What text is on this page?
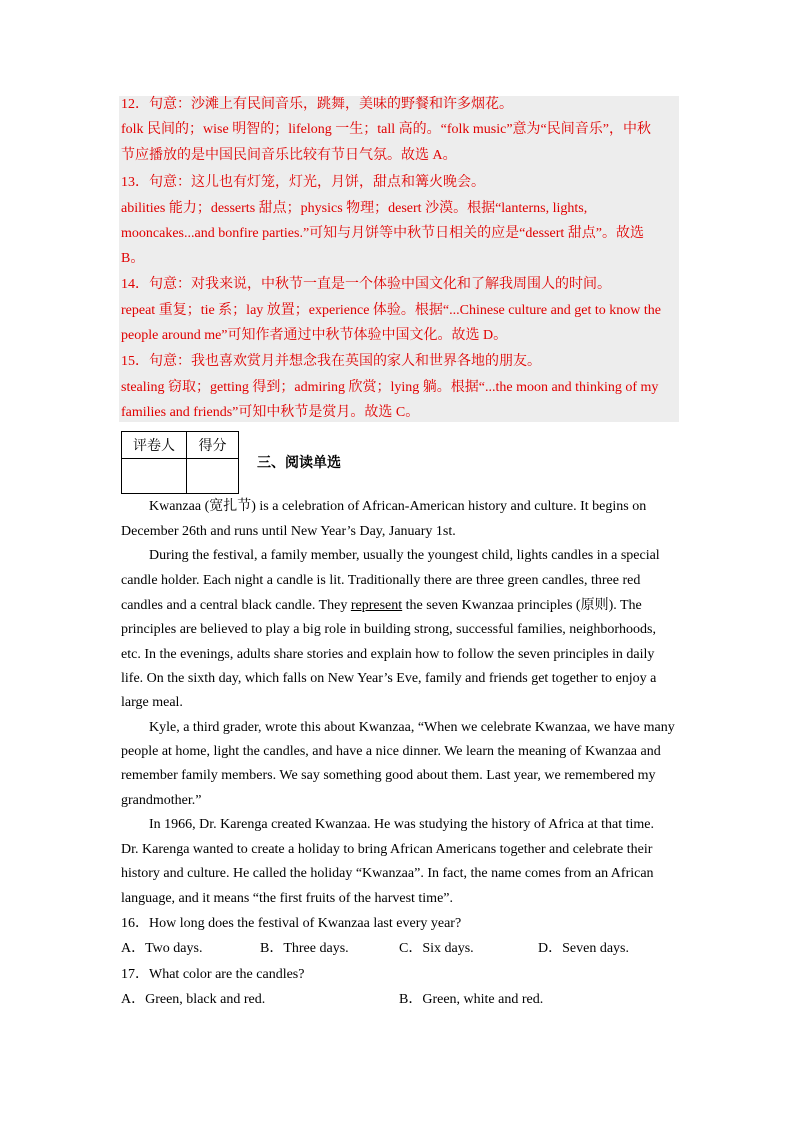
12．句意：沙滩上有民间音乐，跳舞，美味的野餐和许多烟花。
folk 民间的；wise 明智的；lifelong 一生；tall 高的。“folk music”意为“民间音乐”，中秋
节应播放的是中国民间音乐比较有节日气氛。故选 A。
13．句意：这儿也有灯笼，灯光，月饼，甜点和篝火晚会。
abilities 能力；desserts 甜点；physics 物理；desert 沙漠。根据“lanterns, lights,
mooncakes...and bonfire parties.”可知与月饼等中秋节日相关的应是“dessert 甜点”。故选
B。
14．句意：对我来说，中秋节一直是一个体验中国文化和了解我周围人的时间。
repeat 重复；tie 系；lay 放置；experience 体验。根据“...Chinese culture and get to know the
people around me”可知作者通过中秋节体验中国文化。故选 D。
15．句意：我也喜欢赏月并想念我在英国的家人和世界各地的朋友。
stealing 窃取；getting 得到；admiring 欣赏；lying 躺。根据“...the moon and thinking of my
families and friends”可知中秋节是赏月。故选 C。
评卷人	得分

三、阅读单选
Kwanzaa (宽扎节) is a celebration of African-American history and culture. It begins on
December 26th and runs until New Year’s Day, January 1st.
During the festival, a family member, usually the youngest child, lights candles in a special
candle holder. Each night a candle is lit. Traditionally there are three green candles, three red
candles and a central black candle. They represent the seven Kwanzaa principles (原则). The
principles are believed to play a big role in building strong, successful families, neighborhoods,
etc. In the evenings, adults share stories and explain how to follow the seven principles in daily
life. On the sixth day, which falls on New Year’s Eve, family and friends get together to enjoy a
large meal.
Kyle, a third grader, wrote this about Kwanzaa, “When we celebrate Kwanzaa, we have many
people at home, light the candles, and have a nice dinner. We learn the meaning of Kwanzaa and
remember family members. We say something good about them. Last year, we remembered my
grandmother.”
In 1966, Dr. Karenga created Kwanzaa. He was studying the history of Africa at that time.
Dr. Karenga wanted to create a holiday to bring African Americans together and celebrate their
history and culture. He called the holiday “Kwanzaa”. In fact, the name comes from an African
language, and it means “the first fruits of the harvest time”.
16．How long does the festival of Kwanzaa last every year?
A．Two days.	B．Three days.	C．Six days.	D．Seven days.
17．What color are the candles?
A．Green, black and red.	B．Green, white and red.
